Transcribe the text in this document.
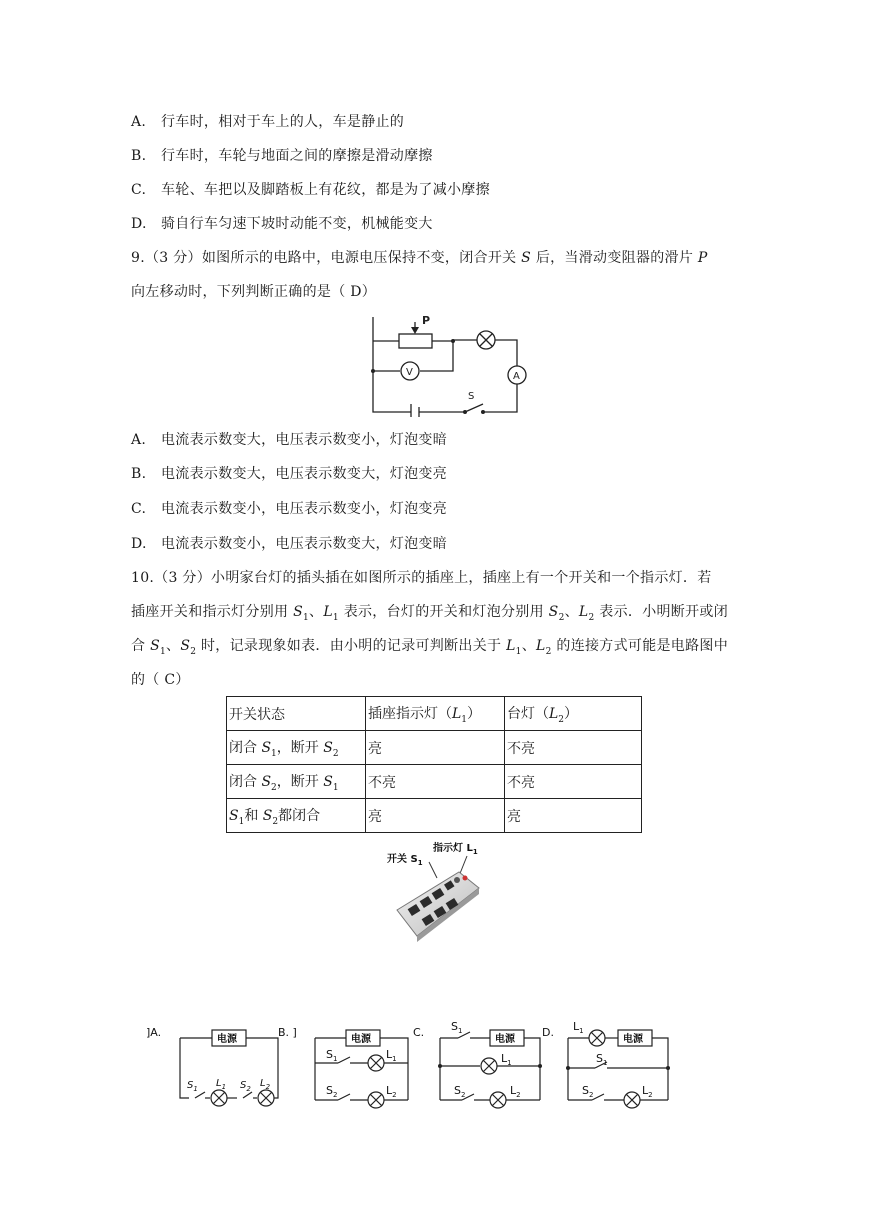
A. 行车时，相对于车上的人，车是静止的
B. 行车时，车轮与地面之间的摩擦是滑动摩擦
C. 车轮、车把以及脚踏板上有花纹，都是为了减小摩擦
D. 骑自行车匀速下坡时动能不变，机械能变大
9.（3 分）如图所示的电路中，电源电压保持不变，闭合开关 S 后，当滑动变阻器的滑片 P
向左移动时，下列判断正确的是（ D）
P
V	A
S
A. 电流表示数变大，电压表示数变小，灯泡变暗
B. 电流表示数变大，电压表示数变大，灯泡变亮
C. 电流表示数变小，电压表示数变小，灯泡变亮
D. 电流表示数变小，电压表示数变大，灯泡变暗
10.（3 分）小明家台灯的插头插在如图所示的插座上，插座上有一个开关和一个指示灯．若
插座开关和指示灯分别用 $S_1$、$L_1$ 表示，台灯的开关和灯泡分别用 $S_2$、$L_2$ 表示．小明断开或闭
合 $S_1$、$S_2$ 时，记录现象如表．由小明的记录可判断出关于 $L_1$、$L_2$ 的连接方式可能是电路图中
的（ C）
开关状态	插座指示灯$(L_1)$	台灯$(L_2)$
闭合 $S_1$，断开 $S_2$	亮	不亮
闭合 $S_2$，断开 $S_1$	不亮	不亮
$S_1$和 $S_2$都闭合	亮	亮
开关 $S_1$
指示灯 $L_1$
]A.	B. ]	C.	D.
电源
$S_1$ $L_1$ $S_2$ $L_2$
电源
$S_1$	$L_1$
$S_2$	$L_2$
电源
$S_1$
$L_1$
$S_2$	$L_2$
电源
$L_1$
$S_1$
$S_2$	$L_2$
